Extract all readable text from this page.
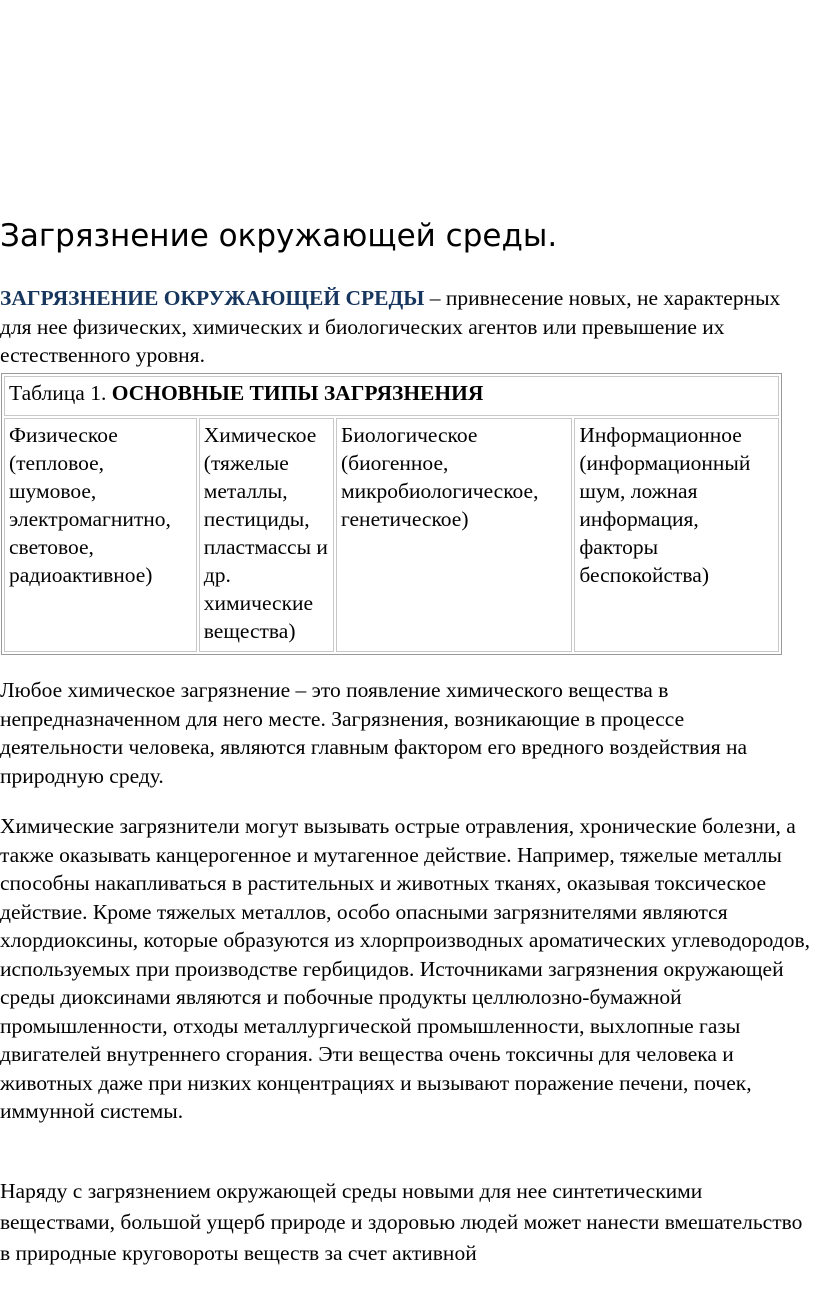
Загрязнение окружающей среды.

ЗАГРЯЗНЕНИЕ ОКРУЖАЮЩЕЙ СРЕДЫ – привнесение новых, не характерных для нее физических, химических и биологических агентов или превышение их естественного уровня.

Таблица 1. ОСНОВНЫЕ ТИПЫ ЗАГРЯЗНЕНИЯ
Физическое (тепловое, шумовое, электромагнитно, световое, радиоактивное)	Химическое (тяжелые металлы, пестициды, пластмассы и др. химические вещества)	Биологическое (биогенное, микробиологическое, генетическое)	Информационное (информационный шум, ложная информация, факторы беспокойства)

Любое химическое загрязнение – это появление химического вещества в непредназначенном для него месте. Загрязнения, возникающие в процессе деятельности человека, являются главным фактором его вредного воздействия на природную среду.

Химические загрязнители могут вызывать острые отравления, хронические болезни, а также оказывать канцерогенное и мутагенное действие. Например, тяжелые металлы способны накапливаться в растительных и животных тканях, оказывая токсическое действие. Кроме тяжелых металлов, особо опасными загрязнителями являются хлордиоксины, которые образуются из хлорпроизводных ароматических углеводородов, используемых при производстве гербицидов. Источниками загрязнения окружающей среды диоксинами являются и побочные продукты целлюлозно-бумажной промышленности, отходы металлургической промышленности, выхлопные газы двигателей внутреннего сгорания. Эти вещества очень токсичны для человека и животных даже при низких концентрациях и вызывают поражение печени, почек, иммунной системы.

Наряду с загрязнением окружающей среды новыми для нее синтетическими веществами, большой ущерб природе и здоровью людей может нанести вмешательство в природные круговороты веществ за счет активной
